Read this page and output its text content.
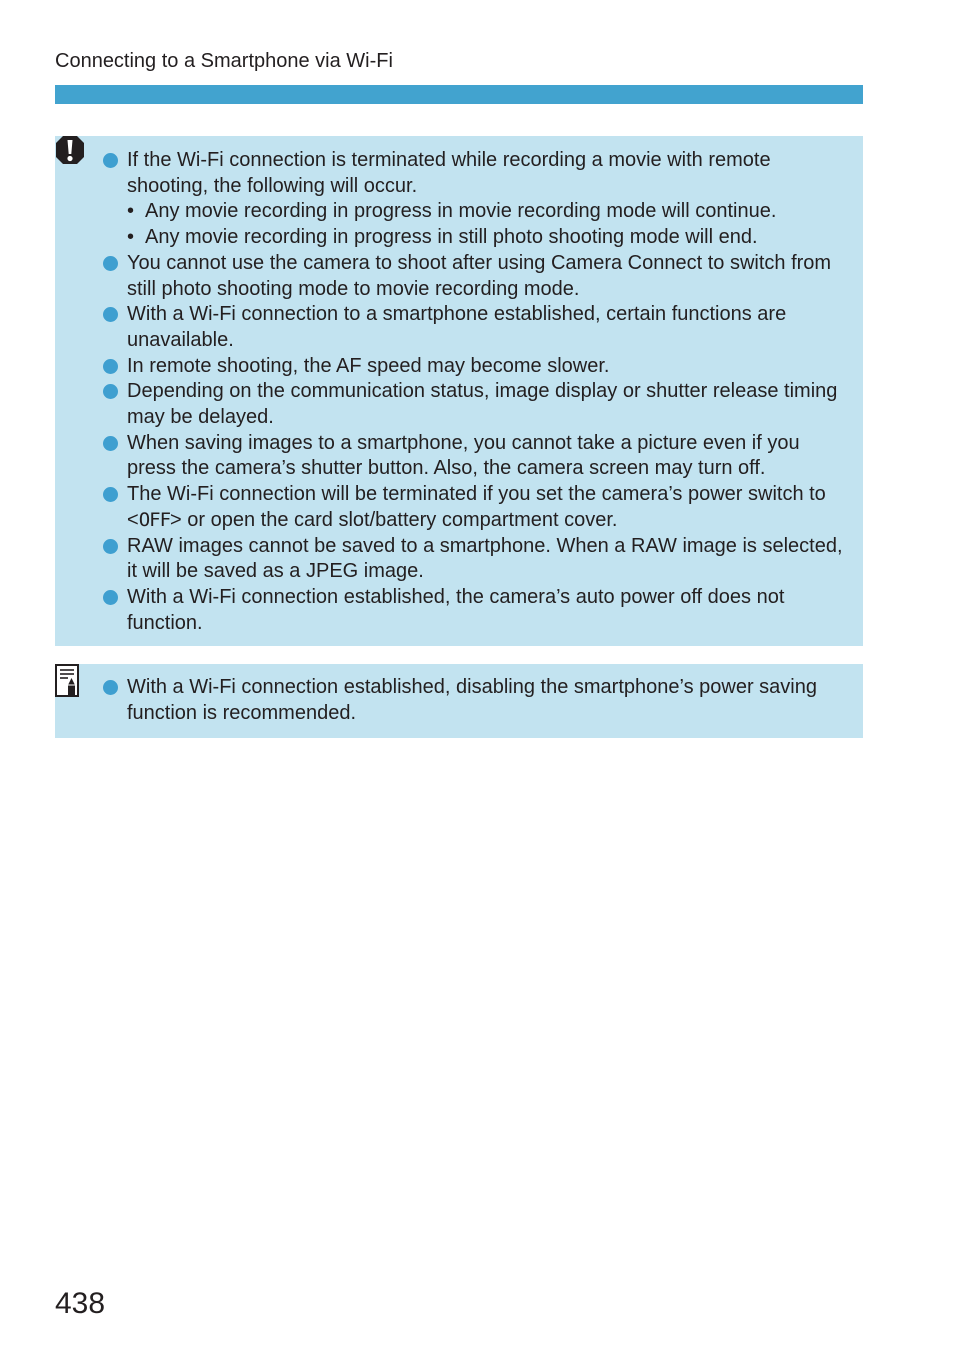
Connecting to a Smartphone via Wi-Fi
If the Wi-Fi connection is terminated while recording a movie with remote shooting, the following will occur.
• Any movie recording in progress in movie recording mode will continue.
• Any movie recording in progress in still photo shooting mode will end.
You cannot use the camera to shoot after using Camera Connect to switch from still photo shooting mode to movie recording mode.
With a Wi-Fi connection to a smartphone established, certain functions are unavailable.
In remote shooting, the AF speed may become slower.
Depending on the communication status, image display or shutter release timing may be delayed.
When saving images to a smartphone, you cannot take a picture even if you press the camera’s shutter button. Also, the camera screen may turn off.
The Wi-Fi connection will be terminated if you set the camera’s power switch to <OFF> or open the card slot/battery compartment cover.
RAW images cannot be saved to a smartphone. When a RAW image is selected, it will be saved as a JPEG image.
With a Wi-Fi connection established, the camera’s auto power off does not function.
With a Wi-Fi connection established, disabling the smartphone’s power saving function is recommended.
438
